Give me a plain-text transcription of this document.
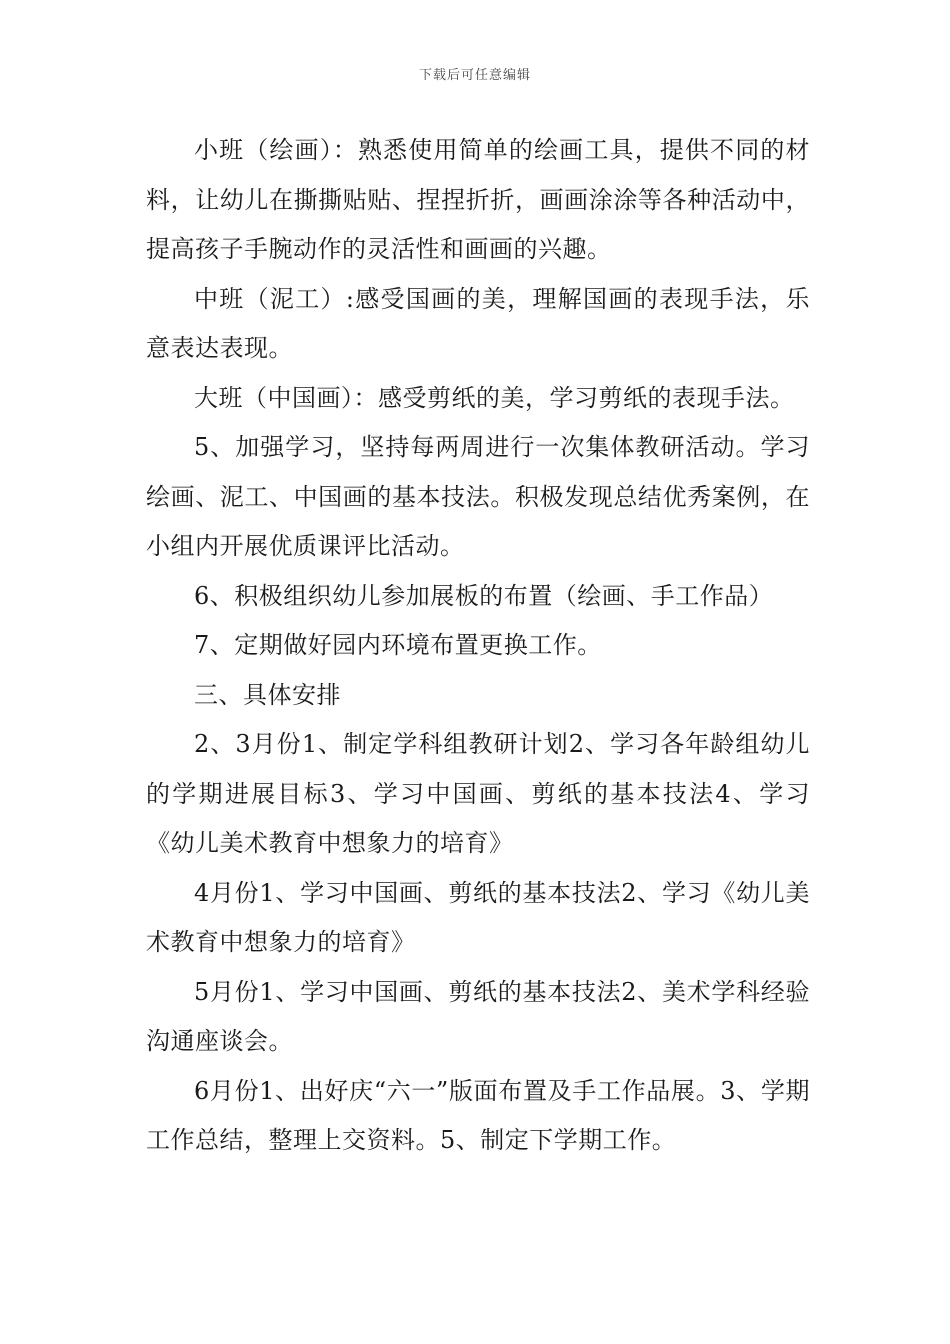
下载后可任意编辑

小班（绘画）：熟悉使用简单的绘画工具，提供不同的材料，让幼儿在撕撕贴贴、捏捏折折，画画涂涂等各种活动中，提高孩子手腕动作的灵活性和画画的兴趣。

中班（泥工）:感受国画的美，理解国画的表现手法，乐意表达表现。

大班（中国画）：感受剪纸的美，学习剪纸的表现手法。

5、加强学习，坚持每两周进行一次集体教研活动。学习绘画、泥工、中国画的基本技法。积极发现总结优秀案例，在小组内开展优质课评比活动。

6、积极组织幼儿参加展板的布置（绘画、手工作品）

7、定期做好园内环境布置更换工作。

三、具体安排

2、3月份1、制定学科组教研计划2、学习各年龄组幼儿的学期进展目标3、学习中国画、剪纸的基本技法4、学习《幼儿美术教育中想象力的培育》

4月份1、学习中国画、剪纸的基本技法2、学习《幼儿美术教育中想象力的培育》

5月份1、学习中国画、剪纸的基本技法2、美术学科经验沟通座谈会。

6月份1、出好庆“六一”版面布置及手工作品展。3、学期工作总结，整理上交资料。5、制定下学期工作。
